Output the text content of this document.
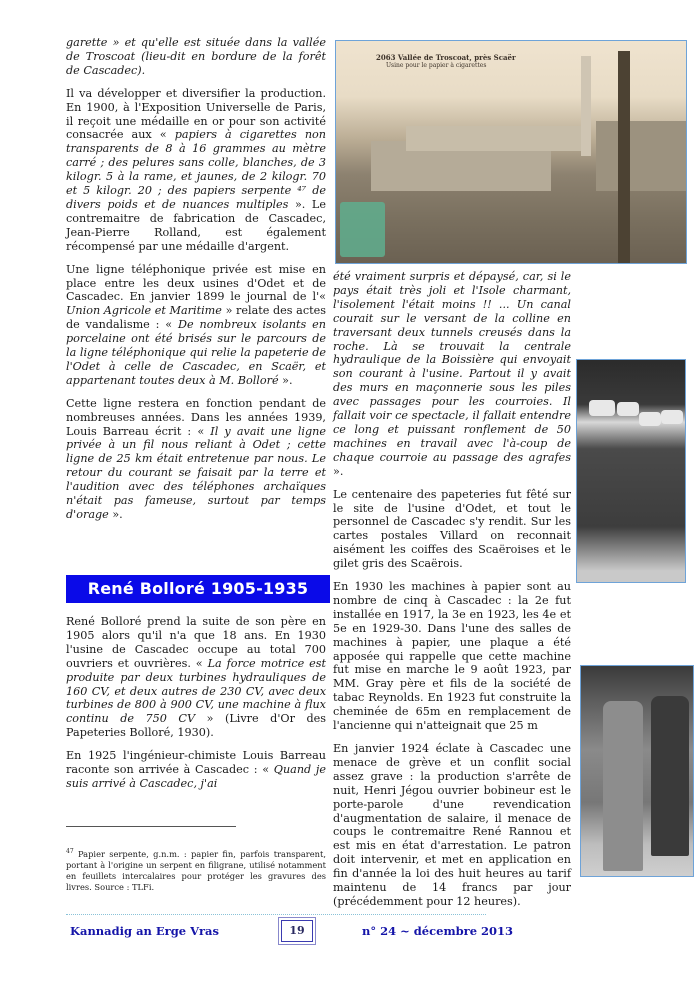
garette » et qu'elle est située dans la vallée de Troscoat (lieu-dit en bordure de la forêt de Cascadec).

Il va développer et diversifier la production. En 1900, à l'Exposition Universelle de Paris, il reçoit une médaille en or pour son activité consacrée aux « papiers à cigarettes non transparents de 8 à 16 grammes au mètre carré ; des pelures sans colle, blanches, de 3 kilogr. 5 à la rame, et jaunes, de 2 kilogr. 70 et 5 kilogr. 20 ; des papiers serpente ⁴⁷ de divers poids et de nuances multiples ». Le contremaitre de fabrication de Cascadec, Jean-Pierre Rolland, est également récompensé par une médaille d'argent.

Une ligne téléphonique privée est mise en place entre les deux usines d'Odet et de Cascadec. En janvier 1899 le journal de l'« Union Agricole et Maritime » relate des actes de vandalisme : « De nombreux isolants en porcelaine ont été brisés sur le parcours de la ligne téléphonique qui relie la papeterie de l'Odet à celle de Cascadec, en Scaër, et appartenant toutes deux à M. Bolloré ».

Cette ligne restera en fonction pendant de nombreuses années. Dans les années 1939, Louis Barreau écrit : « Il y avait une ligne privée à un fil nous reliant à Odet ; cette ligne de 25 km était entretenue par nous. Le retour du courant se faisait par la terre et l'audition avec des téléphones archaïques n'était pas fameuse, surtout par temps d'orage ».

René Bolloré 1905-1935

René Bolloré prend la suite de son père en 1905 alors qu'il n'a que 18 ans. En 1930 l'usine de Cascadec occupe au total 700 ouvriers et ouvrières. « La force motrice est produite par deux turbines hydrauliques de 160 CV, et deux autres de 230 CV, avec deux turbines de 800 à 900 CV, une machine à flux continu de 750 CV » (Livre d'Or des Papeteries Bolloré, 1930).

En 1925 l'ingénieur-chimiste Louis Barreau raconte son arrivée à Cascadec : « Quand je suis arrivé à Cascadec, j'ai

$^{47}$ Papier serpente, g.n.m. : papier fin, parfois transparent, portant à l'origine un serpent en filigrane, utilisé notamment en feuillets intercalaires pour protéger les gravures des livres. Source : TLFi.
2063 Vallée de Troscoat, près Scaër
Usine pour le papier à cigarettes

été vraiment surpris et dépaysé, car, si le pays était très joli et l'Isole charmant, l'isolement l'était moins !! ... Un canal courait sur le versant de la colline en traversant deux tunnels creusés dans la roche. Là se trouvait la centrale hydraulique de la Boissière qui envoyait son courant à l'usine. Partout il y avait des murs en maçonnerie sous les piles avec passages pour les courroies. Il fallait voir ce spectacle, il fallait entendre ce long et puissant ronflement de 50 machines en travail avec l'à-coup de chaque courroie au passage des agrafes ».

Le centenaire des papeteries fut fêté sur le site de l'usine d'Odet, et tout le personnel de Cascadec s'y rendit. Sur les cartes postales Villard on reconnait aisément les coiffes des Scaëroises et le gilet gris des Scaërois.

En 1930 les machines à papier sont au nombre de cinq à Cascadec : la 2e fut installée en 1917, la 3e en 1923, les 4e et 5e en 1929-30. Dans l'une des salles de machines à papier, une plaque a été apposée qui rappelle que cette machine fut mise en marche le 9 août 1923, par MM. Gray père et fils de la société de tabac Reynolds. En 1923 fut construite la cheminée de 65m en remplacement de l'ancienne qui n'atteignait que 25 m

En janvier 1924 éclate à Cascadec une menace de grève et un conflit social assez grave : la production s'arrête de nuit, Henri Jégou ouvrier bobineur est le porte-parole d'une revendication d'augmentation de salaire, il menace de coups le contremaitre René Rannou et est mis en état d'arrestation. Le patron doit intervenir, et met en application en fin d'année la loi des huit heures au tarif maintenu de 14 francs par jour (précédemment pour 12 heures).

Kannadig an Erge Vras	19	n° 24 ~ décembre 2013
